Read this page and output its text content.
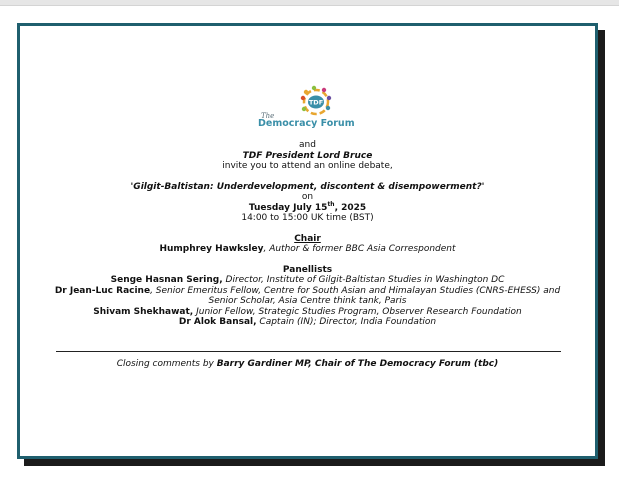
TDF
The
Democracy Forum
and
TDF President Lord Bruce
invite you to attend an online debate,
'Gilgit-Baltistan: Underdevelopment, discontent & disempowerment?'
on
Tuesday July 15th, 2025
14:00 to 15:00 UK time (BST)
Chair
Humphrey Hawksley, Author & former BBC Asia Correspondent
Panellists
Senge Hasnan Sering, Director, Institute of Gilgit-Baltistan Studies in Washington DC
Dr Jean-Luc Racine, Senior Emeritus Fellow, Centre for South Asian and Himalayan Studies (CNRS-EHESS) and Senior Scholar, Asia Centre think tank, Paris
Shivam Shekhawat, Junior Fellow, Strategic Studies Program, Observer Research Foundation
Dr Alok Bansal, Captain (IN); Director, India Foundation
Closing comments by Barry Gardiner MP, Chair of The Democracy Forum (tbc)
